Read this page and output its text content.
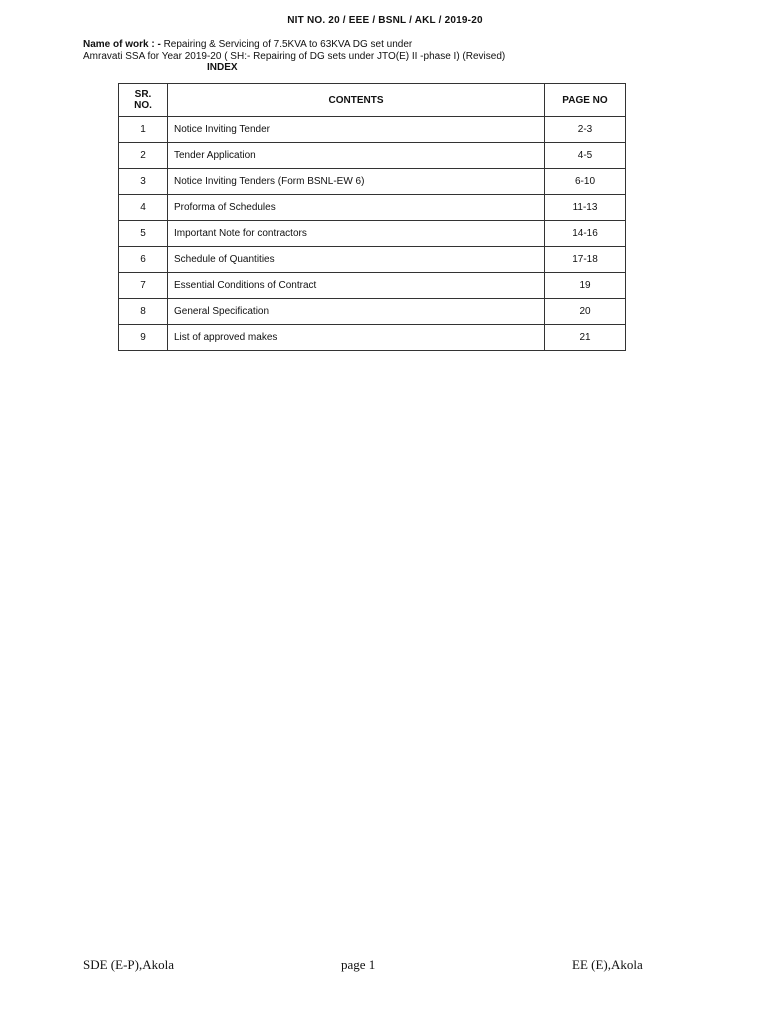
NIT NO. 20 / EEE / BSNL / AKL / 2019-20
Name of work : - Repairing & Servicing of 7.5KVA to 63KVA DG set under
Amravati SSA for Year 2019-20 ( SH:- Repairing of DG sets under JTO(E) II -phase I) (Revised)
INDEX
SR. NO.	CONTENTS	PAGE NO
1	Notice Inviting Tender	2-3
2	Tender Application	4-5
3	Notice Inviting Tenders (Form BSNL-EW 6)	6-10
4	Proforma of Schedules	11-13
5	Important Note for contractors	14-16
6	Schedule of Quantities	17-18
7	Essential Conditions of Contract	19
8	General Specification	20
9	List of approved makes	21
SDE (E-P),Akola	page 1	EE (E),Akola
